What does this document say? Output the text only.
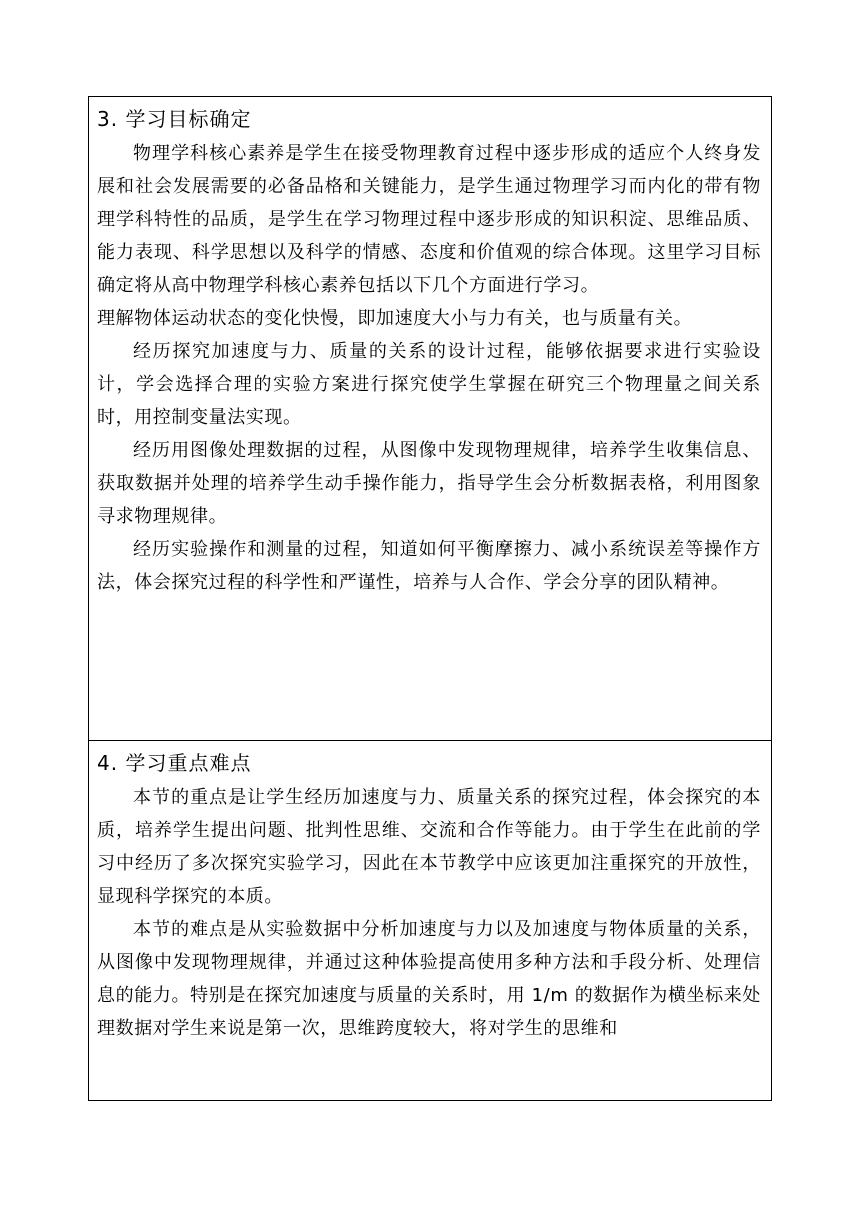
3. 学习目标确定

物理学科核心素养是学生在接受物理教育过程中逐步形成的适应个人终身发展和社会发展需要的必备品格和关键能力，是学生通过物理学习而内化的带有物理学科特性的品质，是学生在学习物理过程中逐步形成的知识积淀、思维品质、能力表现、科学思想以及科学的情感、态度和价值观的综合体现。这里学习目标确定将从高中物理学科核心素养包括以下几个方面进行学习。

理解物体运动状态的变化快慢，即加速度大小与力有关，也与质量有关。

经历探究加速度与力、质量的关系的设计过程，能够依据要求进行实验设计，学会选择合理的实验方案进行探究使学生掌握在研究三个物理量之间关系时，用控制变量法实现。

经历用图像处理数据的过程，从图像中发现物理规律，培养学生收集信息、获取数据并处理的培养学生动手操作能力，指导学生会分析数据表格，利用图象寻求物理规律。

经历实验操作和测量的过程，知道如何平衡摩擦力、减小系统误差等操作方法，体会探究过程的科学性和严谨性，培养与人合作、学会分享的团队精神。

4. 学习重点难点

本节的重点是让学生经历加速度与力、质量关系的探究过程，体会探究的本质，培养学生提出问题、批判性思维、交流和合作等能力。由于学生在此前的学习中经历了多次探究实验学习，因此在本节教学中应该更加注重探究的开放性，显现科学探究的本质。

本节的难点是从实验数据中分析加速度与力以及加速度与物体质量的关系，从图像中发现物理规律，并通过这种体验提高使用多种方法和手段分析、处理信息的能力。特别是在探究加速度与质量的关系时，用 1/m 的数据作为横坐标来处理数据对学生来说是第一次，思维跨度较大，将对学生的思维和
